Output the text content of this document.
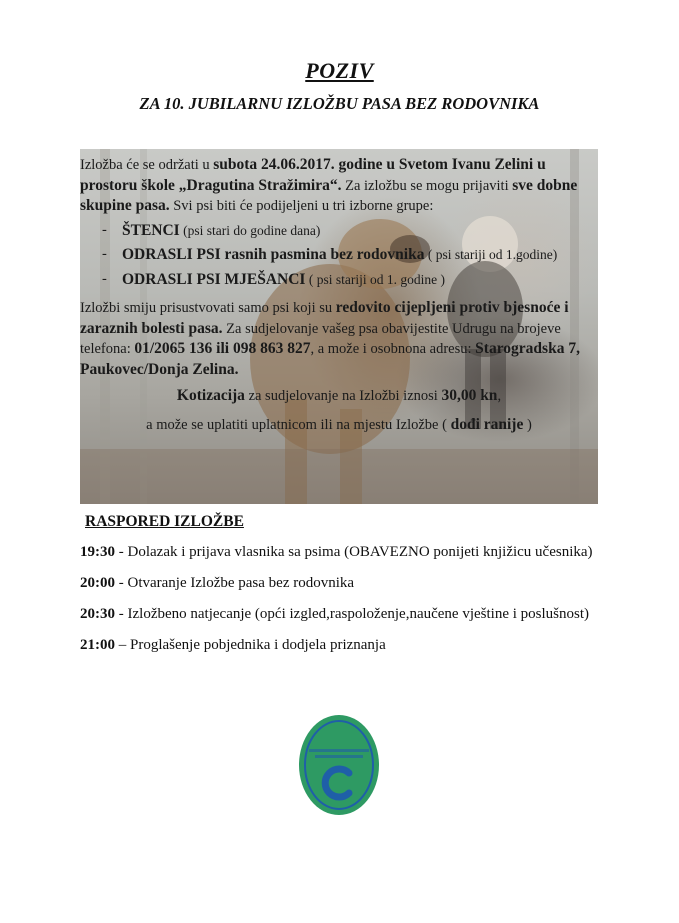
POZIV
ZA 10. JUBILARNU IZLOŽBU PASA BEZ RODOVNIKA

Izložba će se održati u subota 24.06.2017. godine u Svetom Ivanu Zelini u prostoru škole „Dragutina Stražimira“. Za izložbu se mogu prijaviti sve dobne skupine pasa. Svi psi biti će podijeljeni u tri izborne grupe:

- ŠTENCI (psi stari do godine dana)
- ODRASLI PSI rasnih pasmina bez rodovnika ( psi stariji od 1.godine)
- ODRASLI PSI MJEŠANCI ( psi stariji od 1. godine )

Izložbi smiju prisustvovati samo psi koji su redovito cijepljeni protiv bjesnoće i zaraznih bolesti pasa. Za sudjelovanje vašeg psa obavijestite Udrugu na brojeve telefona: 01/2065 136 ili 098 863 827, a može i osobnona adresu: Starogradska 7, Paukovec/Donja Zelina.

Kotizacija za sudjelovanje na Izložbi iznosi 30,00 kn,

a može se uplatiti uplatnicom ili na mjestu Izložbe ( dođi ranije )

RASPORED IZLOŽBE
19:30 - Dolazak i prijava vlasnika sa psima (OBAVEZNO ponijeti knjižicu učesnika)
20:00 - Otvaranje Izložbe pasa bez rodovnika
20:30 - Izložbeno natjecanje (opći izgled,raspoloženje,naučene vještine i poslušnost)
21:00 – Proglašenje pobjednika i dodjela priznanja
